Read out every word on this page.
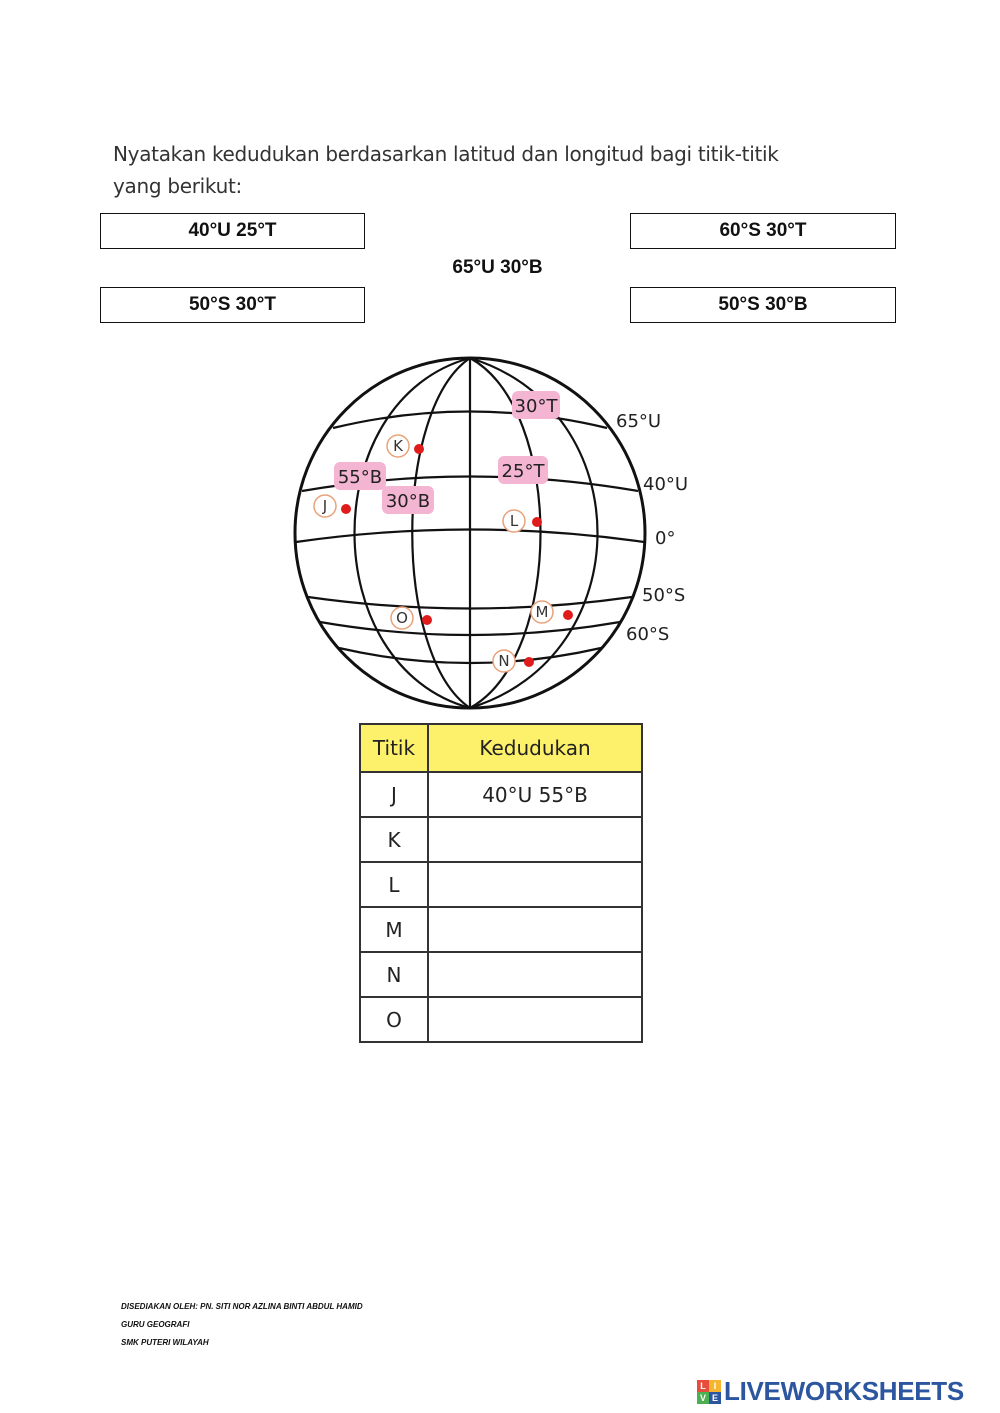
Nyatakan kedudukan berdasarkan latitud dan longitud bagi titik-titik
yang berikut:
40°U 25°T	60°S 30°T
65°U 30°B
50°S 30°T	50°S 30°B
65°U
40°U
0°
50°S
60°S
30°T
25°T
55°B
30°B
J
K
L
M
N
O
Titik	Kedudukan
J	40°U 55°B
K	
L	
M	
N	
O	
DISEDIAKAN OLEH: PN. SITI NOR AZLINA BINTI ABDUL HAMID
GURU GEOGRAFI
SMK PUTERI WILAYAH
L I
V E LIVEWORKSHEETS
